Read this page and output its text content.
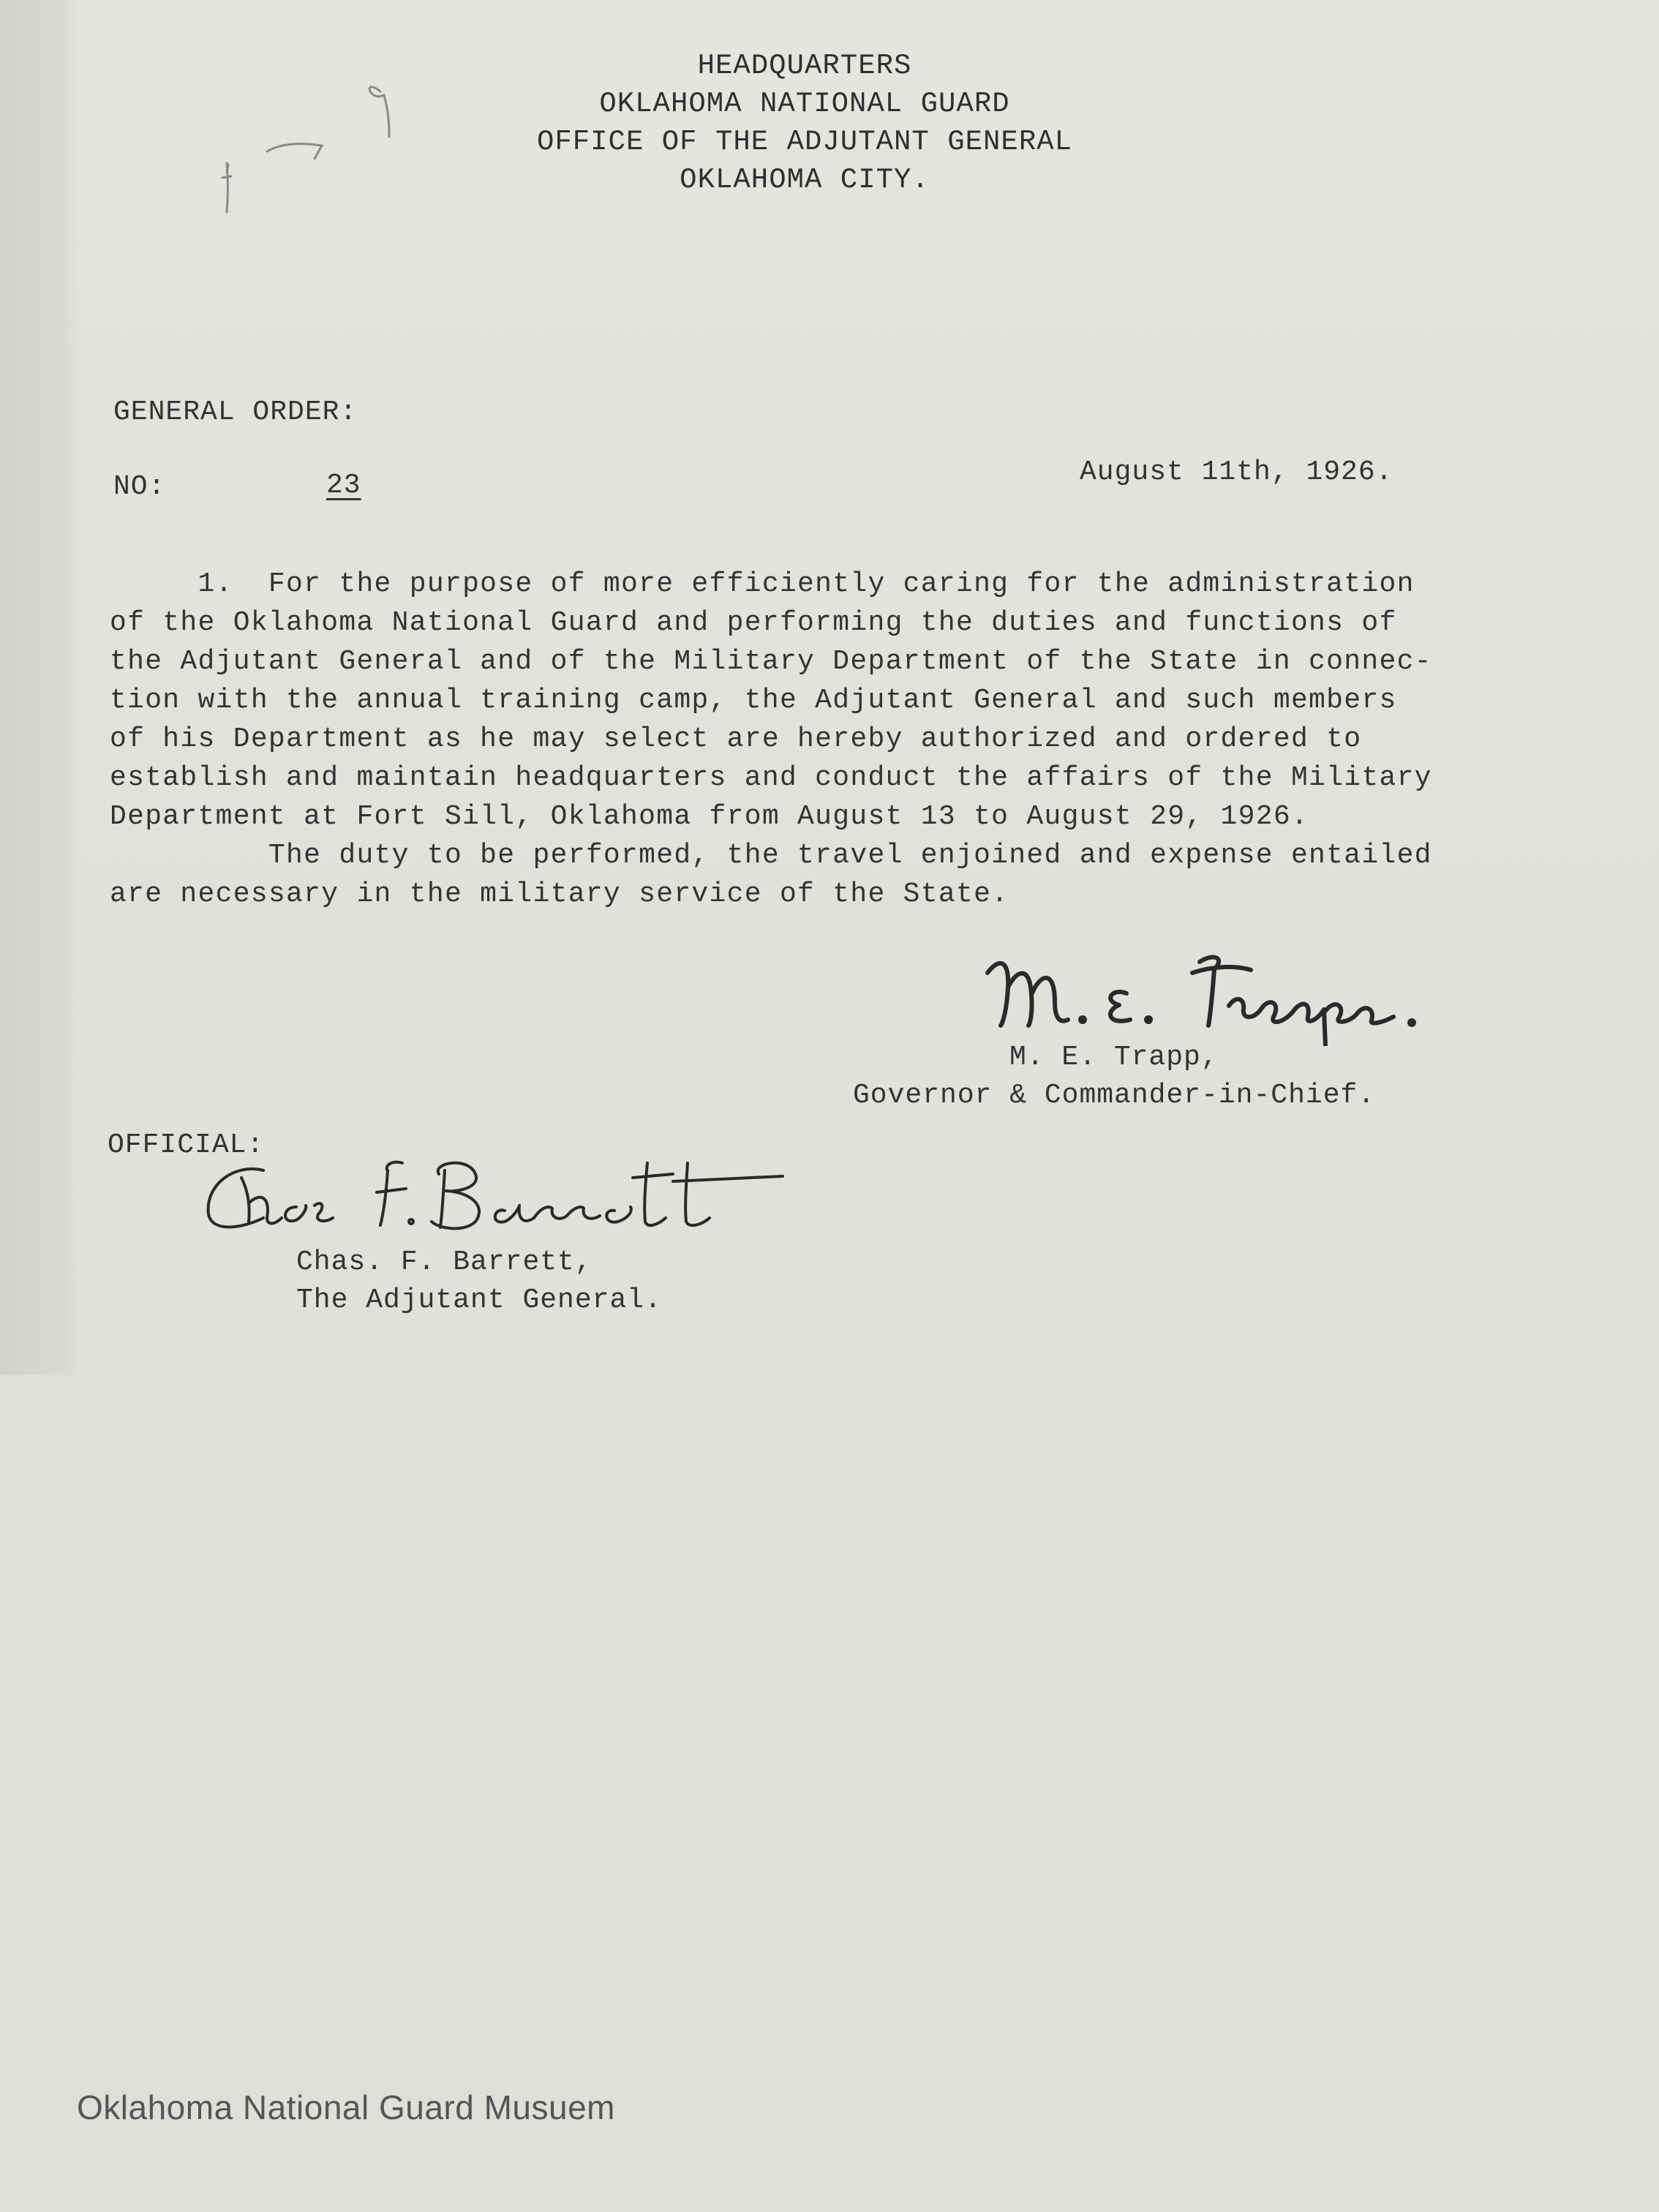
HEADQUARTERS
OKLAHOMA NATIONAL GUARD
OFFICE OF THE ADJUTANT GENERAL
OKLAHOMA CITY.
GENERAL ORDER:
NO:	23	August 11th, 1926.
1.  For the purpose of more efficiently caring for the administration
of the Oklahoma National Guard and performing the duties and functions of
the Adjutant General and of the Military Department of the State in connec-
tion with the annual training camp, the Adjutant General and such members
of his Department as he may select are hereby authorized and ordered to
establish and maintain headquarters and conduct the affairs of the Military
Department at Fort Sill, Oklahoma from August 13 to August 29, 1926.
The duty to be performed, the travel enjoined and expense entailed
are necessary in the military service of the State.
M. E. Trapp,
Governor & Commander-in-Chief.
OFFICIAL:
Chas. F. Barrett,
The Adjutant General.
Oklahoma National Guard Musuem
